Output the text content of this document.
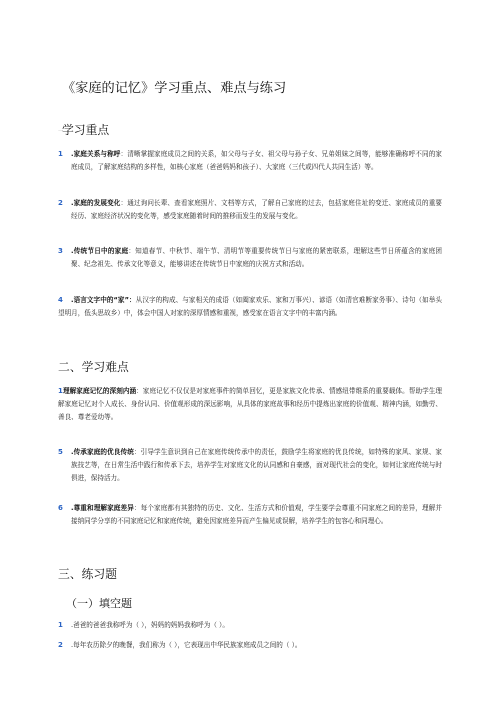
《家庭的记忆》学习重点、难点与练习
一
学习重点
1 .家庭关系与称呼：清晰掌握家庭成员之间的关系，如父母与子女、祖父母与孙子女、兄弟姐妹之间等，能够准确称呼不同的家庭成员，了解家庭结构的多样性，如核心家庭（爸爸妈妈和孩子）、大家庭（三代或四代人共同生活）等。
2 .家庭的发展变化：通过询问长辈、查看家庭照片、文档等方式，了解自己家庭的过去，包括家庭住址的变迁、家庭成员的重要经历、家庭经济状况的变化等，感受家庭随着时间的推移而发生的发展与变化。
3 .传统节日中的家庭：知道春节、中秋节、端午节、清明节等重要传统节日与家庭的紧密联系，理解这些节日所蕴含的家庭团聚、纪念祖先、传承文化等意义，能够讲述在传统节日中家庭的庆祝方式和活动。
4	.语言文字中的“家”：从汉字的构成、与家相关的成语（如阖家欢乐、家和万事兴）、谚语（如清官难断家务事）、诗句（如举头望明月，低头思故乡）中，体会中国人对家的深厚情感和重视，感受家在语言文字中的丰富内涵。
二、学习难点
1 理解家庭记忆的深刻内涵：家庭记忆不仅仅是对家庭事件的简单回忆，更是家族文化传承、情感纽带维系的重要载体。帮助学生理解家庭记忆对个人成长、身份认同、价值观形成的深远影响，从具体的家庭故事和经历中提炼出家庭的价值观、精神内涵，如勤劳、善良、尊老爱幼等。
5 .传承家庭的优良传统：引导学生意识到自己在家庭传统传承中的责任，鼓励学生将家庭的优良传统，如特殊的家风、家规、家族技艺等，在日常生活中践行和传承下去，培养学生对家庭文化的认同感和自豪感，面对现代社会的变化，如何让家庭传统与时俱进，保持活力。
6 .尊重和理解家庭差异：每个家庭都有其独特的历史、文化、生活方式和价值观，学生要学会尊重不同家庭之间的差异，理解并接纳同学分享的不同家庭记忆和家庭传统，避免因家庭差异而产生偏见或误解，培养学生的包容心和同理心。
三、练习题
（一）填空题
1 .爸爸的爸爸我称呼为（ ），妈妈的妈妈我称呼为（ ）。
2 .每年农历除夕的晚餐，我们称为（ ），它表现出中华民族家庭成员之间的（ ）。
